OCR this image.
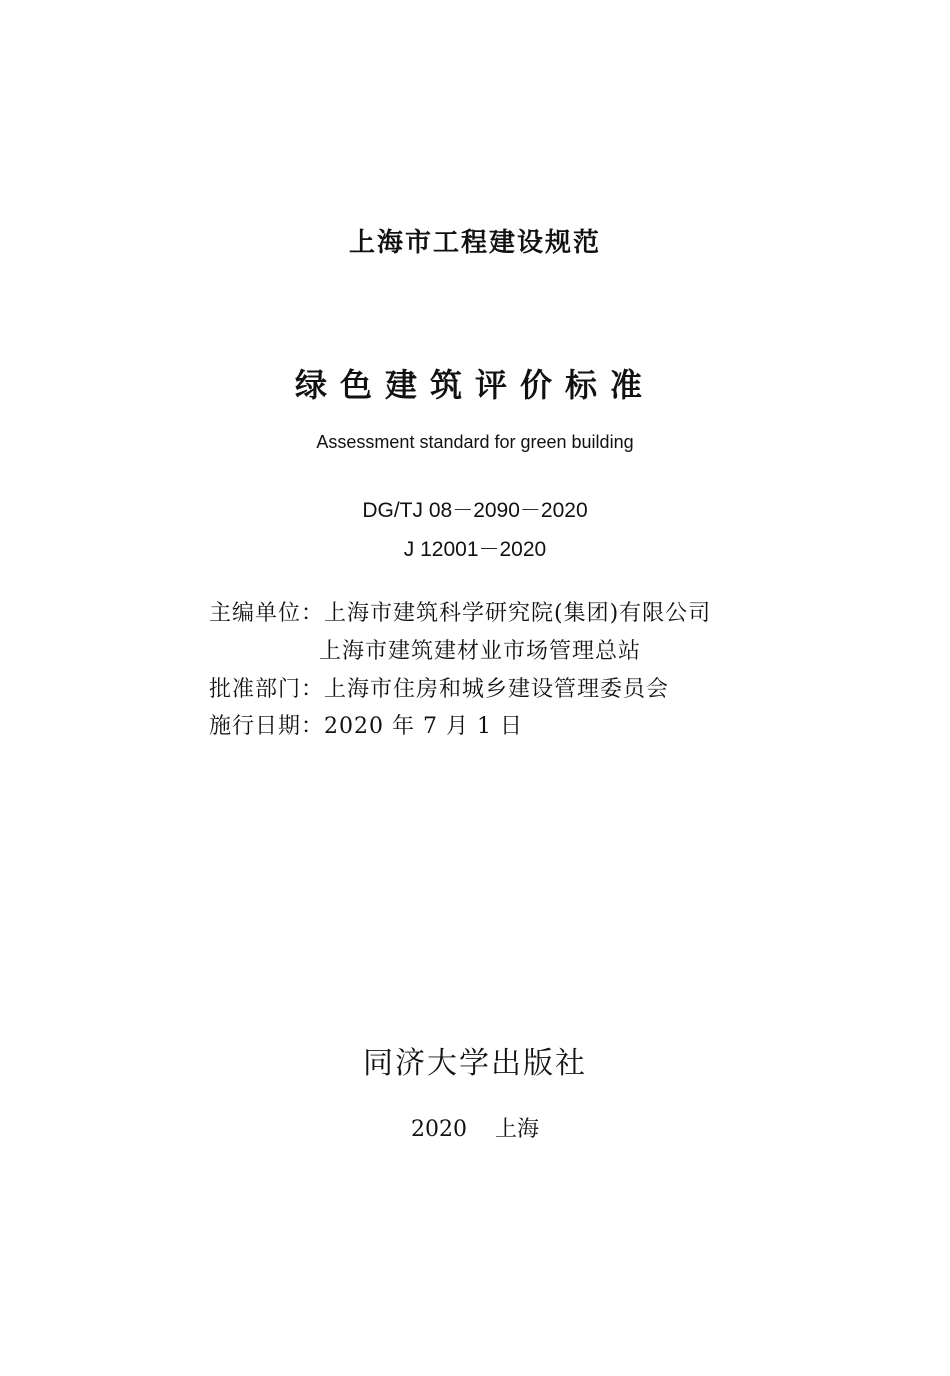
上海市工程建设规范
绿色建筑评价标准
Assessment standard for green building
DG/TJ 08－2090－2020
J 12001－2020
主编单位：上海市建筑科学研究院(集团)有限公司
上海市建筑建材业市场管理总站
批准部门：上海市住房和城乡建设管理委员会
施行日期：2020 年 7 月 1 日
同济大学出版社
2020 上海
